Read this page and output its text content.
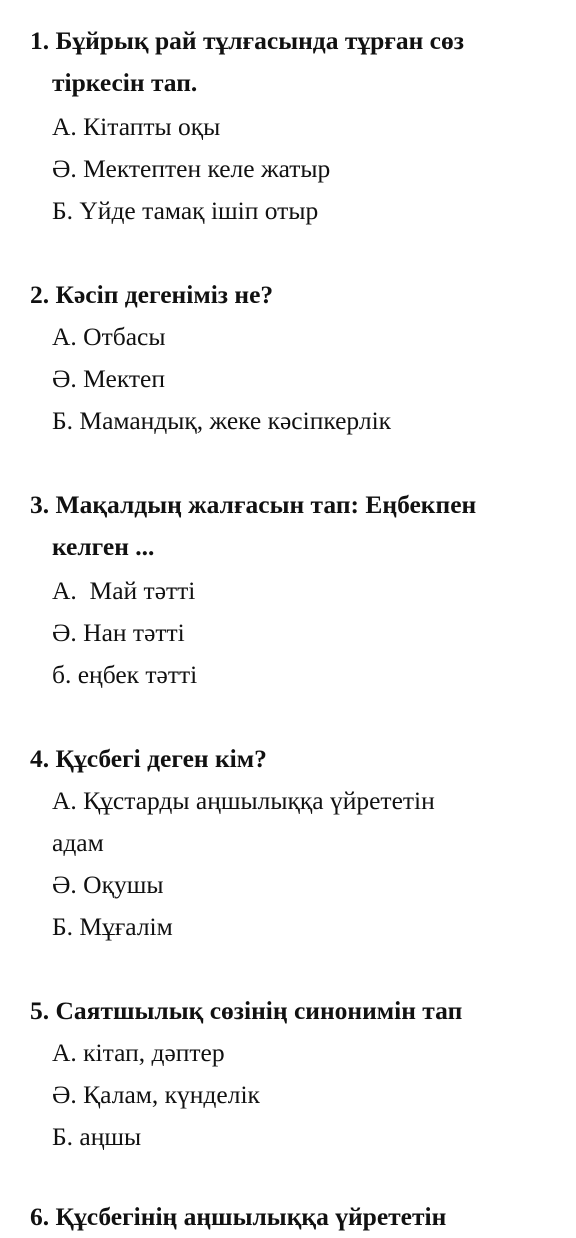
1. Бұйрық рай тұлғасында тұрған сөз
тіркесін тап.
А. Кітапты оқы
Ә. Мектептен келе жатыр
Б. Үйде тамақ ішіп отыр
2. Кәсіп дегеніміз не?
А. Отбасы
Ә. Мектеп
Б. Мамандық, жеке кәсіпкерлік
3. Мақалдың жалғасын тап: Еңбекпен
келген ...
А.  Май тәтті
Ә. Нан тәтті
б. еңбек тәтті
4. Құсбегі деген кім?
А. Құстарды аңшылыққа үйрететін
адам
Ә. Оқушы
Б. Мұғалім
5. Саятшылық сөзінің синонимін тап
А. кітап, дәптер
Ә. Қалам, күнделік
Б. аңшы
6. Құсбегінің аңшылыққа үйрететін
